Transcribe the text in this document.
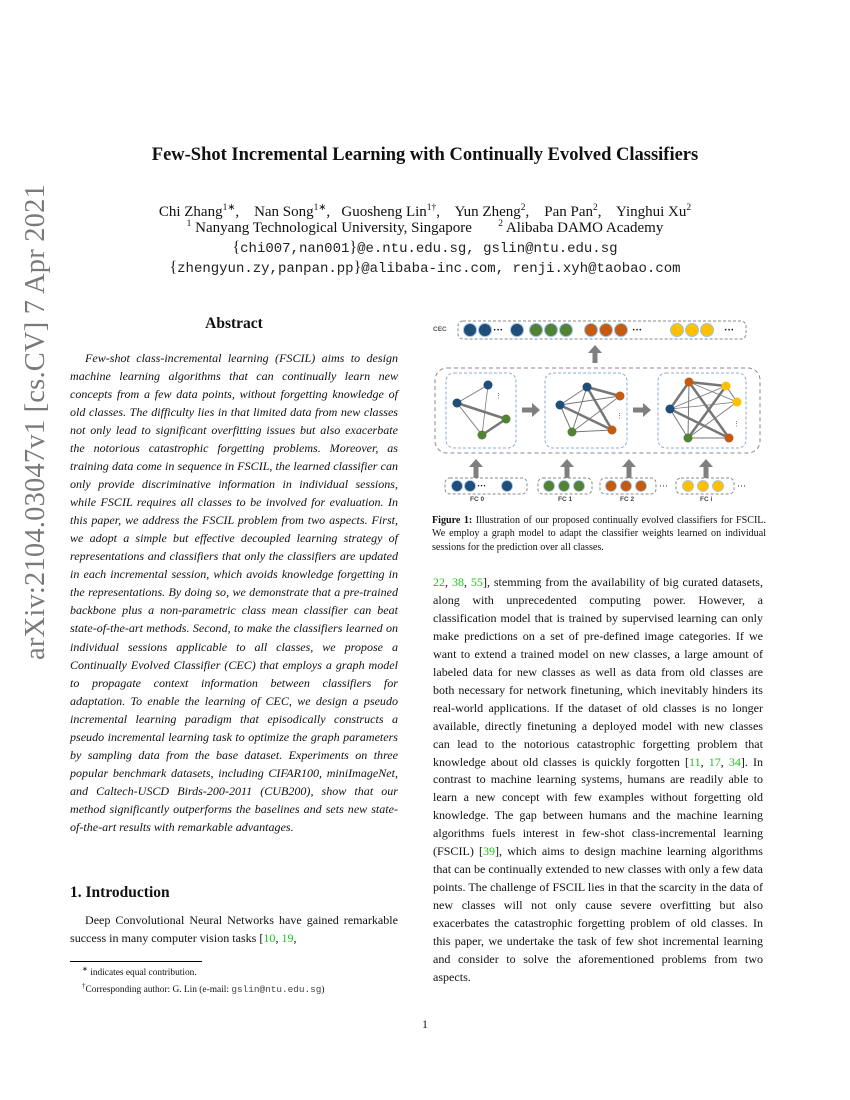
arXiv:2104.03047v1 [cs.CV] 7 Apr 2021
Few-Shot Incremental Learning with Continually Evolved Classifiers
Chi Zhang$^{1∗}$, Nan Song$^{1∗}$, Guosheng Lin$^{1\dagger}$, Yun Zheng$^2$, Pan Pan$^2$, Yinghui Xu$^2$
$^1$ Nanyang Technological University, Singapore	$^2$ Alibaba DAMO Academy
{chi007,nan001}@e.ntu.edu.sg, gslin@ntu.edu.sg
{zhengyun.zy,panpan.pp}@alibaba-inc.com, renji.xyh@taobao.com
Abstract

Few-shot class-incremental learning (FSCIL) aims to design machine learning algorithms that can continually learn new concepts from a few data points, without forgetting knowledge of old classes. The difficulty lies in that limited data from new classes not only lead to significant overfitting issues but also exacerbate the notorious catastrophic forgetting problems. Moreover, as training data come in sequence in FSCIL, the learned classifier can only provide discriminative information in individual sessions, while FSCIL requires all classes to be involved for evaluation. In this paper, we address the FSCIL problem from two aspects. First, we adopt a simple but effective decoupled learning strategy of representations and classifiers that only the classifiers are updated in each incremental session, which avoids knowledge forgetting in the representations. By doing so, we demonstrate that a pre-trained backbone plus a non-parametric class mean classifier can beat state-of-the-art methods. Second, to make the classifiers learned on individual sessions applicable to all classes, we propose a Continually Evolved Classifier (CEC) that employs a graph model to propagate context information between classifiers for adaptation. To enable the learning of CEC, we design a pseudo incremental learning paradigm that episodically constructs a pseudo incremental learning task to optimize the graph parameters by sampling data from the base dataset. Experiments on three popular benchmark datasets, including CIFAR100, miniImageNet, and Caltech-USCD Birds-200-2011 (CUB200), show that our method significantly outperforms the baselines and sets new state-of-the-art results with remarkable advantages.

1. Introduction

Deep Convolutional Neural Networks have gained remarkable success in many computer vision tasks [10, 19,

∗ indicates equal contribution.
†Corresponding author: G. Lin (e-mail: gslin@ntu.edu.sg)
CEC	···	···	···
⋮
⋮
⋮
···	···	···
FC 0	FC 1	FC 2	FC i
Figure 1: Illustration of our proposed continually evolved classifiers for FSCIL. We employ a graph model to adapt the classifier weights learned on individual sessions for the prediction over all classes.

22, 38, 55], stemming from the availability of big curated datasets, along with unprecedented computing power. However, a classification model that is trained by supervised learning can only make predictions on a set of pre-defined image categories. If we want to extend a trained model on new classes, a large amount of labeled data for new classes as well as data from old classes are both necessary for network finetuning, which inevitably hinders its real-world applications. If the dataset of old classes is no longer available, directly finetuning a deployed model with new classes can lead to the notorious catastrophic forgetting problem that knowledge about old classes is quickly forgotten [11, 17, 34]. In contrast to machine learning systems, humans are readily able to learn a new concept with few examples without forgetting old knowledge. The gap between humans and the machine learning algorithms fuels interest in few-shot class-incremental learning (FSCIL) [39], which aims to design machine learning algorithms that can be continually extended to new classes with only a few data points. The challenge of FSCIL lies in that the scarcity in the data of new classes will not only cause severe overfitting but also exacerbates the catastrophic forgetting problem of old classes. In this paper, we undertake the task of few shot incremental learning and consider to solve the aforementioned problems from two aspects.

1
